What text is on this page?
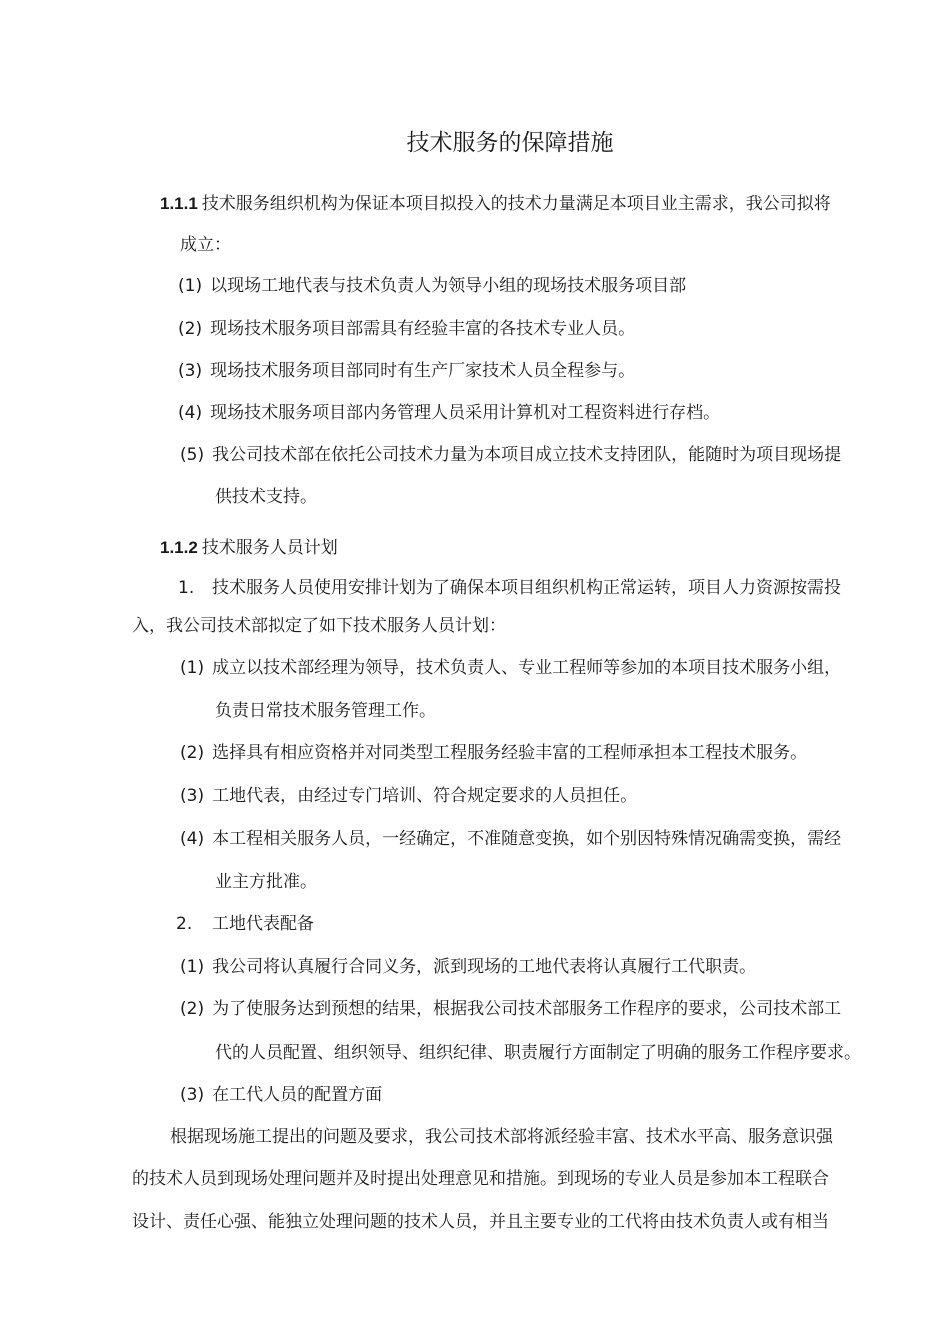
技术服务的保障措施
1.1.1 技术服务组织机构为保证本项目拟投入的技术力量满足本项目业主需求，我公司拟将
成立：
(1) 以现场工地代表与技术负责人为领导小组的现场技术服务项目部
(2) 现场技术服务项目部需具有经验丰富的各技术专业人员。
(3) 现场技术服务项目部同时有生产厂家技术人员全程参与。
(4) 现场技术服务项目部内务管理人员采用计算机对工程资料进行存档。
(5) 我公司技术部在依托公司技术力量为本项目成立技术支持团队，能随时为项目现场提
供技术支持。
1.1.2 技术服务人员计划
1. 技术服务人员使用安排计划为了确保本项目组织机构正常运转，项目人力资源按需投
入，我公司技术部拟定了如下技术服务人员计划：
(1) 成立以技术部经理为领导，技术负责人、专业工程师等参加的本项目技术服务小组，
负责日常技术服务管理工作。
(2) 选择具有相应资格并对同类型工程服务经验丰富的工程师承担本工程技术服务。
(3) 工地代表，由经过专门培训、符合规定要求的人员担任。
(4) 本工程相关服务人员，一经确定，不准随意变换，如个别因特殊情况确需变换，需经
业主方批准。
2. 工地代表配备
(1) 我公司将认真履行合同义务，派到现场的工地代表将认真履行工代职责。
(2) 为了使服务达到预想的结果，根据我公司技术部服务工作程序的要求，公司技术部工
代的人员配置、组织领导、组织纪律、职责履行方面制定了明确的服务工作程序要求。
(3) 在工代人员的配置方面
根据现场施工提出的问题及要求，我公司技术部将派经验丰富、技术水平高、服务意识强
的技术人员到现场处理问题并及时提出处理意见和措施。到现场的专业人员是参加本工程联合
设计、责任心强、能独立处理问题的技术人员，并且主要专业的工代将由技术负责人或有相当
